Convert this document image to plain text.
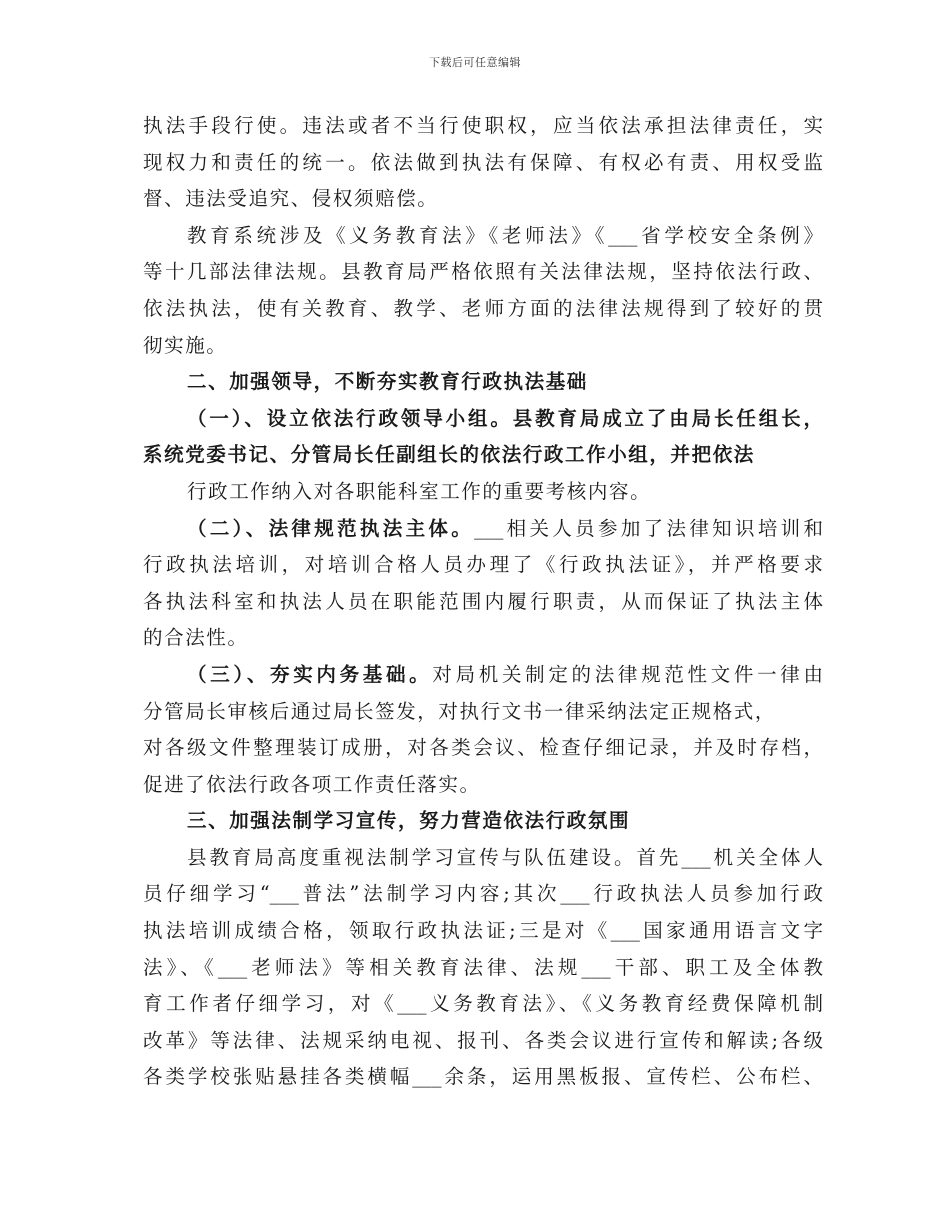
下载后可任意编辑
执法手段行使。违法或者不当行使职权，应当依法承担法律责任，实
现权力和责任的统一。依法做到执法有保障、有权必有责、用权受监
督、违法受追究、侵权须赔偿。
教育系统涉及《义务教育法》《老师法》《___省学校安全条例》
等十几部法律法规。县教育局严格依照有关法律法规，坚持依法行政、
依法执法，使有关教育、教学、老师方面的法律法规得到了较好的贯
彻实施。
二、加强领导，不断夯实教育行政执法基础
（一）、设立依法行政领导小组。县教育局成立了由局长任组长，
系统党委书记、分管局长任副组长的依法行政工作小组，并把依法
行政工作纳入对各职能科室工作的重要考核内容。
（二）、法律规范执法主体。___相关人员参加了法律知识培训和
行政执法培训，对培训合格人员办理了《行政执法证》，并严格要求
各执法科室和执法人员在职能范围内履行职责，从而保证了执法主体
的合法性。
（三）、夯实内务基础。对局机关制定的法律规范性文件一律由
分管局长审核后通过局长签发，对执行文书一律采纳法定正规格式，
对各级文件整理装订成册，对各类会议、检查仔细记录，并及时存档，
促进了依法行政各项工作责任落实。
三、加强法制学习宣传，努力营造依法行政氛围
县教育局高度重视法制学习宣传与队伍建设。首先___机关全体人
员仔细学习“___普法”法制学习内容;其次___行政执法人员参加行政
执法培训成绩合格，领取行政执法证;三是对《___国家通用语言文字
法》、《___老师法》等相关教育法律、法规___干部、职工及全体教
育工作者仔细学习，对《___义务教育法》、《义务教育经费保障机制
改革》等法律、法规采纳电视、报刊、各类会议进行宣传和解读;各级
各类学校张贴悬挂各类横幅___余条，运用黑板报、宣传栏、公布栏、
